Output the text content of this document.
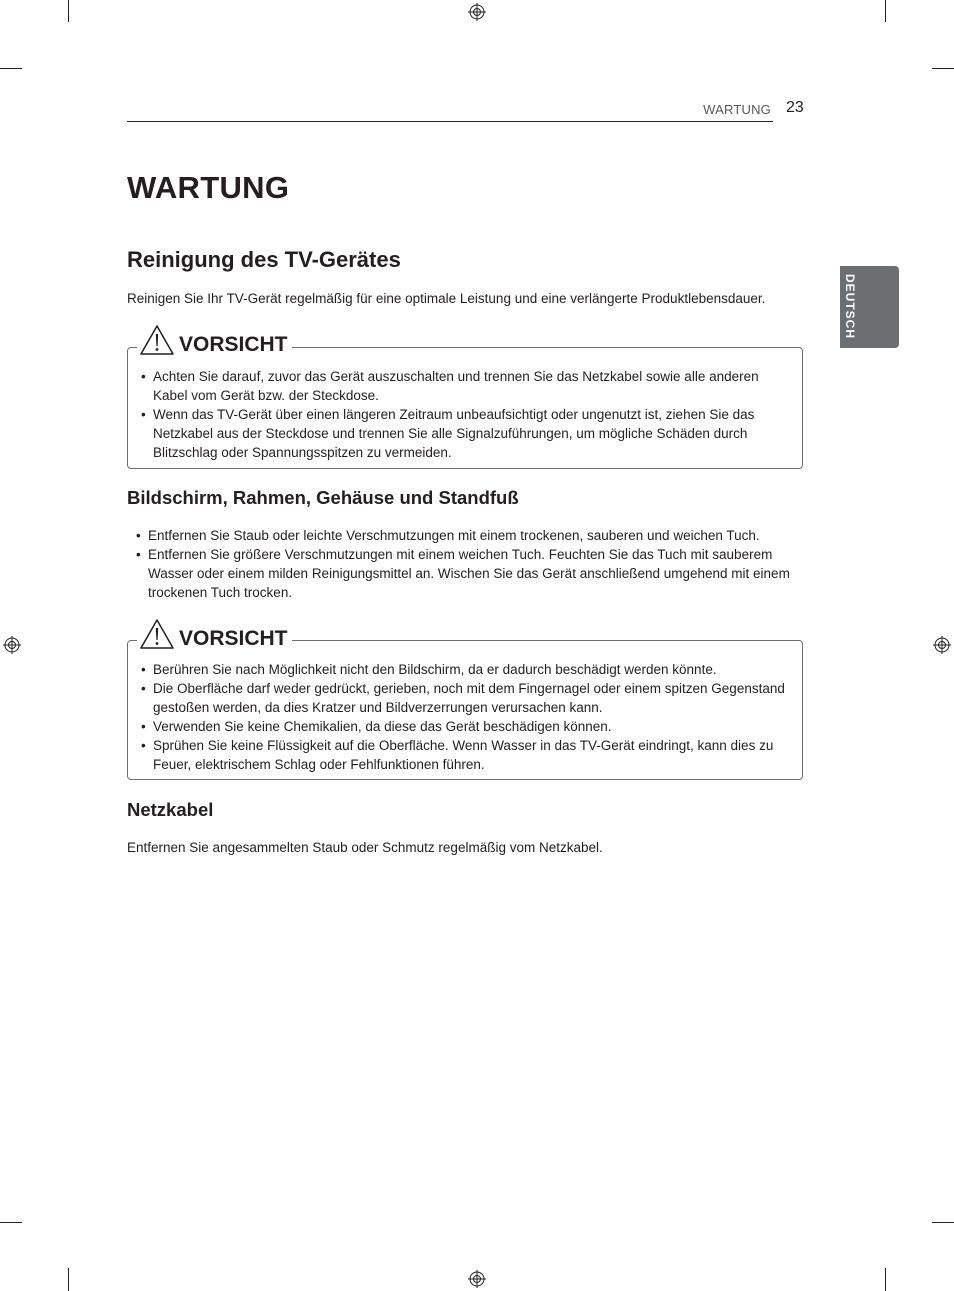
WARTUNG 23
DEUTSCH
WARTUNG
Reinigung des TV-Gerätes

Reinigen Sie Ihr TV-Gerät regelmäßig für eine optimale Leistung und eine verlängerte Produktlebensdauer.

VORSICHT
• Achten Sie darauf, zuvor das Gerät auszuschalten und trennen Sie das Netzkabel sowie alle anderen Kabel vom Gerät bzw. der Steckdose.
• Wenn das TV-Gerät über einen längeren Zeitraum unbeaufsichtigt oder ungenutzt ist, ziehen Sie das Netzkabel aus der Steckdose und trennen Sie alle Signalzuführungen, um mögliche Schäden durch Blitzschlag oder Spannungsspitzen zu vermeiden.
Bildschirm, Rahmen, Gehäuse und Standfuß
• Entfernen Sie Staub oder leichte Verschmutzungen mit einem trockenen, sauberen und weichen Tuch.
• Entfernen Sie größere Verschmutzungen mit einem weichen Tuch. Feuchten Sie das Tuch mit sauberem Wasser oder einem milden Reinigungsmittel an. Wischen Sie das Gerät anschließend umgehend mit einem trockenen Tuch trocken.
VORSICHT
• Berühren Sie nach Möglichkeit nicht den Bildschirm, da er dadurch beschädigt werden könnte.
• Die Oberfläche darf weder gedrückt, gerieben, noch mit dem Fingernagel oder einem spitzen Gegenstand gestoßen werden, da dies Kratzer und Bildverzerrungen verursachen kann.
• Verwenden Sie keine Chemikalien, da diese das Gerät beschädigen können.
• Sprühen Sie keine Flüssigkeit auf die Oberfläche. Wenn Wasser in das TV-Gerät eindringt, kann dies zu Feuer, elektrischem Schlag oder Fehlfunktionen führen.
Netzkabel

Entfernen Sie angesammelten Staub oder Schmutz regelmäßig vom Netzkabel.
